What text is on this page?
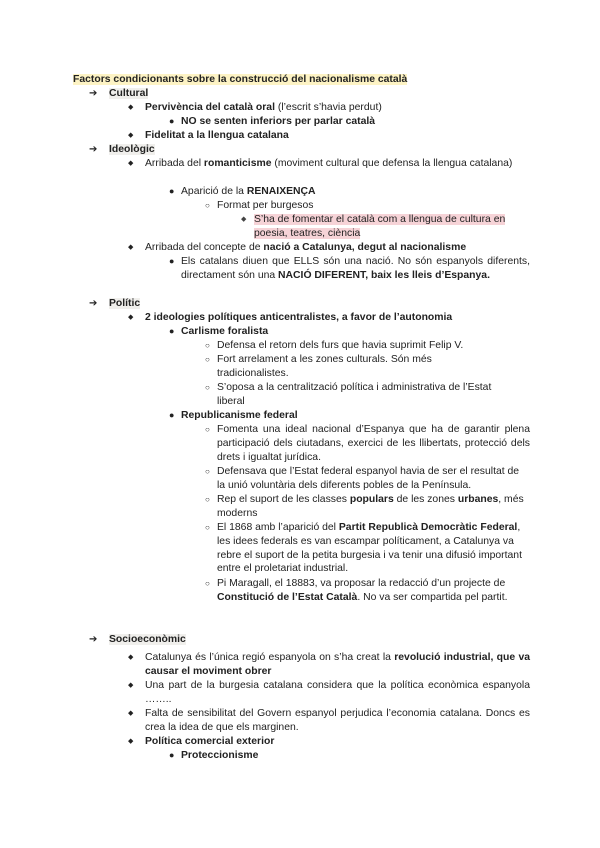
Factors condicionants sobre la construcció del nacionalisme català
➔ Cultural
◆ Pervivència del català oral (l’escrit s’havia perdut)
● NO se senten inferiors per parlar català
◆ Fidelitat a la llengua catalana
➔ Ideològic
◆ Arribada del romanticisme (moviment cultural que defensa la llengua catalana)
● Aparició de la RENAIXENÇA
○ Format per burgesos
◆ S’ha de fomentar el català com a llengua de cultura en poesia, teatres, ciència
◆ Arribada del concepte de nació a Catalunya, degut al nacionalisme
● Els catalans diuen que ELLS són una nació. No són espanyols diferents, directament són una NACIÓ DIFERENT, baix les lleis d’Espanya.
➔ Polític
◆ 2 ideologies polítiques anticentralistes, a favor de l’autonomia
● Carlisme foralista
○ Defensa el retorn dels furs que havia suprimit Felip V.
○ Fort arrelament a les zones culturals. Són més tradicionalistes.
○ S’oposa a la centralització política i administrativa de l’Estat liberal
● Republicanisme federal
○ Fomenta una ideal nacional d’Espanya que ha de garantir plena participació dels ciutadans, exercici de les llibertats, protecció dels drets i igualtat jurídica.
○ Defensava que l’Estat federal espanyol havia de ser el resultat de la unió voluntària dels diferents pobles de la Península.
○ Rep el suport de les classes populars de les zones urbanes, més moderns
○ El 1868 amb l’aparició del Partit Republicà Democràtic Federal, les idees federals es van escampar políticament, a Catalunya va rebre el suport de la petita burgesia i va tenir una difusió important entre el proletariat industrial.
○ Pi Maragall, el 18883, va proposar la redacció d’un projecte de Constitució de l’Estat Català. No va ser compartida pel partit.
➔ Socioeconòmic
◆ Catalunya és l’única regió espanyola on s’ha creat la revolució industrial, que va causar el moviment obrer
◆ Una part de la burgesia catalana considera que la política econòmica espanyola ……..
◆ Falta de sensibilitat del Govern espanyol perjudica l’economia catalana. Doncs es crea la idea de que els marginen.
◆ Política comercial exterior
● Proteccionisme
